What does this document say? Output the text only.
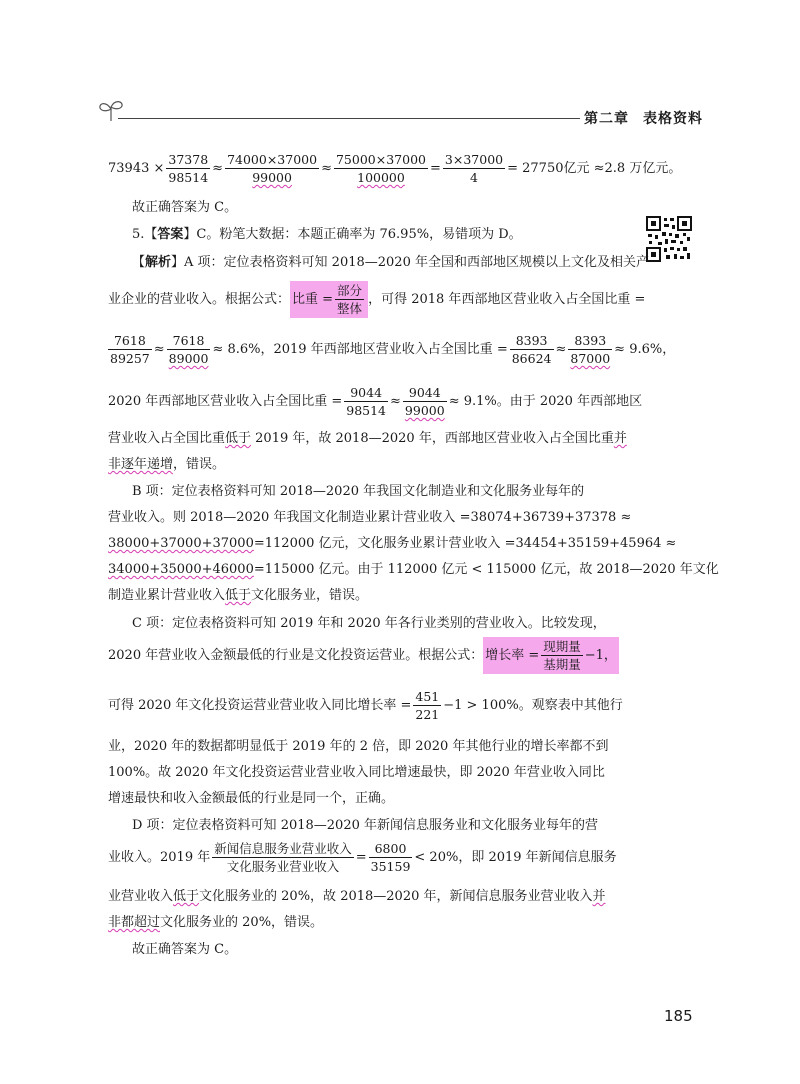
第二章 表格资料
$73943 \times \frac{37378}{98514} \approx \frac{74000\times 37000}{99000} \approx \frac{75000\times 37000}{100000} = \frac{3\times 37000}{4} = 27750$亿元 ≈2.8 万亿元。
故正确答案为 C。
5.【答案】C。粉笔大数据：本题正确率为 76.95%，易错项为 D。
【解析】A 项：定位表格资料可知 2018—2020 年全国和西部地区规模以上文化及相关产
业企业的营业收入。根据公式： 比重 = $\frac{\text{部分}}{\text{整体}}$ ，可得 2018 年西部地区营业收入占全国比重 =
$\frac{7618}{89257} \approx \frac{7618}{89000} \approx 8.6\%$，2019 年西部地区营业收入占全国比重 = $\frac{8393}{86624} \approx \frac{8393}{87000} \approx 9.6\%$，
2020 年西部地区营业收入占全国比重 = $\frac{9044}{98514} \approx \frac{9044}{99000} \approx 9.1\%$。由于 2020 年西部地区
营业收入占全国比重低于 2019 年，故 2018—2020 年，西部地区营业收入占全国比重并
非逐年递增，错误。
B 项：定位表格资料可知 2018—2020 年我国文化制造业和文化服务业每年的
营业收入。则 2018—2020 年我国文化制造业累计营业收入 =38074+36739+37378 ≈
38000+37000+37000=112000 亿元，文化服务业累计营业收入 =34454+35159+45964 ≈
34000+35000+46000=115000 亿元。由于 112000 亿元 < 115000 亿元，故 2018—2020 年文化
制造业累计营业收入低于文化服务业，错误。
C 项：定位表格资料可知 2019 年和 2020 年各行业类别的营业收入。比较发现，
2020 年营业收入金额最低的行业是文化投资运营业。根据公式： 增长率 = $\frac{\text{现期量}}{\text{基期量}} -1$，
可得 2020 年文化投资运营业营业收入同比增长率 = $\frac{451}{221} -1 > 100\%$。观察表中其他行
业，2020 年的数据都明显低于 2019 年的 2 倍，即 2020 年其他行业的增长率都不到
100%。故 2020 年文化投资运营业营业收入同比增速最快，即 2020 年营业收入同比
增速最快和收入金额最低的行业是同一个，正确。
D 项：定位表格资料可知 2018—2020 年新闻信息服务业和文化服务业每年的营
业收入。2019 年 $\frac{\text{新闻信息服务业营业收入}}{\text{文化服务业营业收入}} = \frac{6800}{35159} < 20\%$，即 2019 年新闻信息服务
业营业收入低于文化服务业的 20%，故 2018—2020 年，新闻信息服务业营业收入并
非都超过文化服务业的 20%，错误。
故正确答案为 C。
185
